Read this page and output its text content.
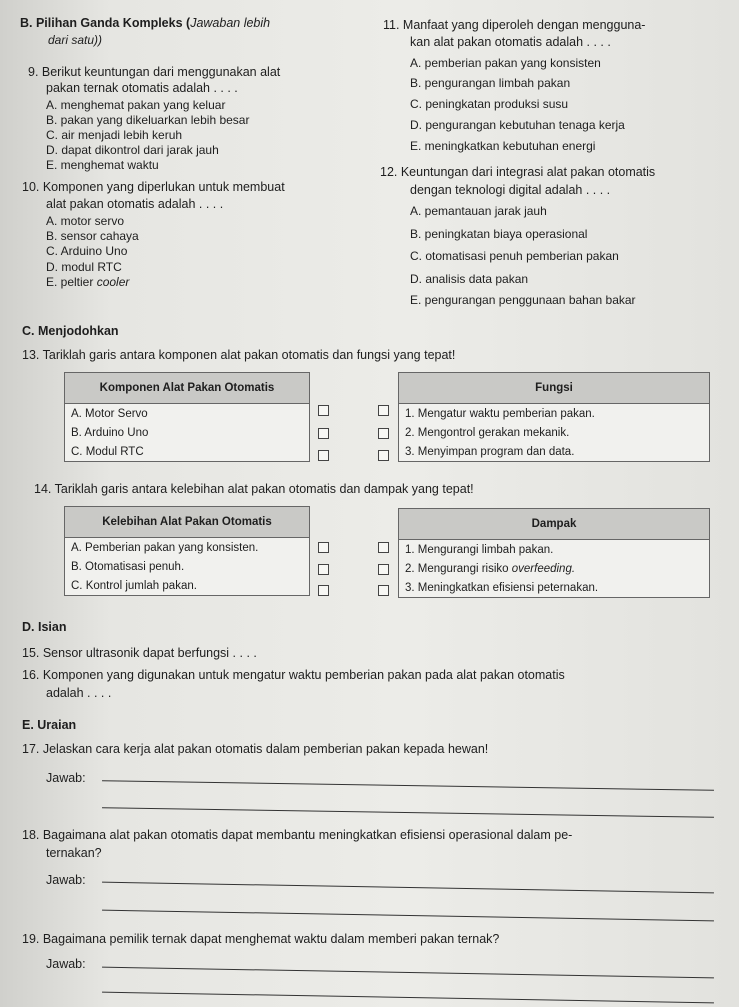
B. Pilihan Ganda Kompleks (Jawaban lebih
dari satu))
9. Berikut keuntungan dari menggunakan alat
pakan ternak otomatis adalah . . . .
A. menghemat pakan yang keluar
B. pakan yang dikeluarkan lebih besar
C. air menjadi lebih keruh
D. dapat dikontrol dari jarak jauh
E. menghemat waktu
10. Komponen yang diperlukan untuk membuat
alat pakan otomatis adalah . . . .
A. motor servo
B. sensor cahaya
C. Arduino Uno
D. modul RTC
E. peltier cooler
11. Manfaat yang diperoleh dengan mengguna-
kan alat pakan otomatis adalah . . . .
A. pemberian pakan yang konsisten
B. pengurangan limbah pakan
C. peningkatan produksi susu
D. pengurangan kebutuhan tenaga kerja
E. meningkatkan kebutuhan energi
12. Keuntungan dari integrasi alat pakan otomatis
dengan teknologi digital adalah . . . .
A. pemantauan jarak jauh
B. peningkatan biaya operasional
C. otomatisasi penuh pemberian pakan
D. analisis data pakan
E. pengurangan penggunaan bahan bakar
C. Menjodohkan
13. Tariklah garis antara komponen alat pakan otomatis dan fungsi yang tepat!
Komponen Alat Pakan Otomatis
A. Motor Servo
B. Arduino Uno
C. Modul RTC
Fungsi
1. Mengatur waktu pemberian pakan.
2. Mengontrol gerakan mekanik.
3. Menyimpan program dan data.
14. Tariklah garis antara kelebihan alat pakan otomatis dan dampak yang tepat!
Kelebihan Alat Pakan Otomatis
A. Pemberian pakan yang konsisten.
B. Otomatisasi penuh.
C. Kontrol jumlah pakan.
Dampak
1. Mengurangi limbah pakan.
2. Mengurangi risiko overfeeding.
3. Meningkatkan efisiensi peternakan.
D. Isian
15. Sensor ultrasonik dapat berfungsi . . . .
16. Komponen yang digunakan untuk mengatur waktu pemberian pakan pada alat pakan otomatis
adalah . . . .
E. Uraian
17. Jelaskan cara kerja alat pakan otomatis dalam pemberian pakan kepada hewan!
Jawab:
18. Bagaimana alat pakan otomatis dapat membantu meningkatkan efisiensi operasional dalam pe-
ternakan?
Jawab:
19. Bagaimana pemilik ternak dapat menghemat waktu dalam memberi pakan ternak?
Jawab:
